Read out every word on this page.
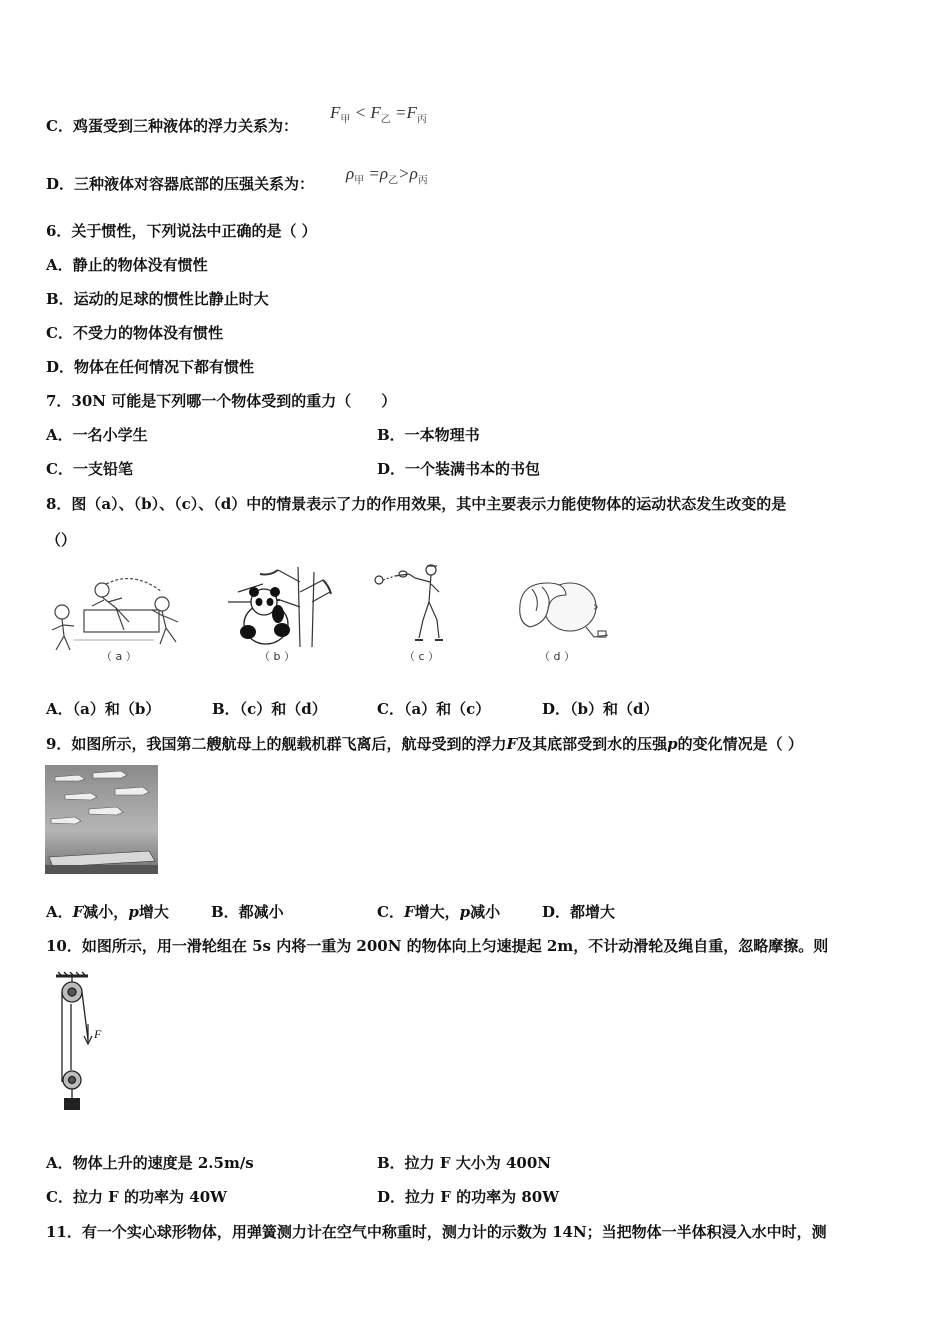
C．鸡蛋受到三种液体的浮力关系为：
$F_甲 < F_乙 =F_丙$
D．三种液体对容器底部的压强关系为：
$\rho_甲 =\rho_乙>\rho_丙$
6．关于惯性，下列说法中正确的是（ ）
A．静止的物体没有惯性
B．运动的足球的惯性比静止时大
C．不受力的物体没有惯性
D．物体在任何情况下都有惯性
7．30N 可能是下列哪一个物体受到的重力（　　）
A．一名小学生	B．一本物理书
C．一支铅笔	D．一个装满书本的书包
8．图（a）、（b）、（c）、（d）中的情景表示了力的作用效果，其中主要表示力能使物体的运动状态发生改变的是
（）
（ a ）	（ b ）	（ c ）	（ d ）
A．（a）和（b）	B．（c）和（d）	C．（a）和（c）	D．（b）和（d）
9．如图所示，我国第二艘航母上的舰载机群飞离后，航母受到的浮力F及其底部受到水的压强p的变化情况是（ ）
A．F减小，p增大	B．都减小	C．F增大，p减小	D．都增大
10．如图所示，用一滑轮组在 5s 内将一重为 200N 的物体向上匀速提起 2m，不计动滑轮及绳自重，忽略摩擦。则
F
A．物体上升的速度是 2.5m/s	B．拉力 F 大小为 400N
C．拉力 F 的功率为 40W	D．拉力 F 的功率为 80W
11．有一个实心球形物体，用弹簧测力计在空气中称重时，测力计的示数为 14N；当把物体一半体积浸入水中时，测
